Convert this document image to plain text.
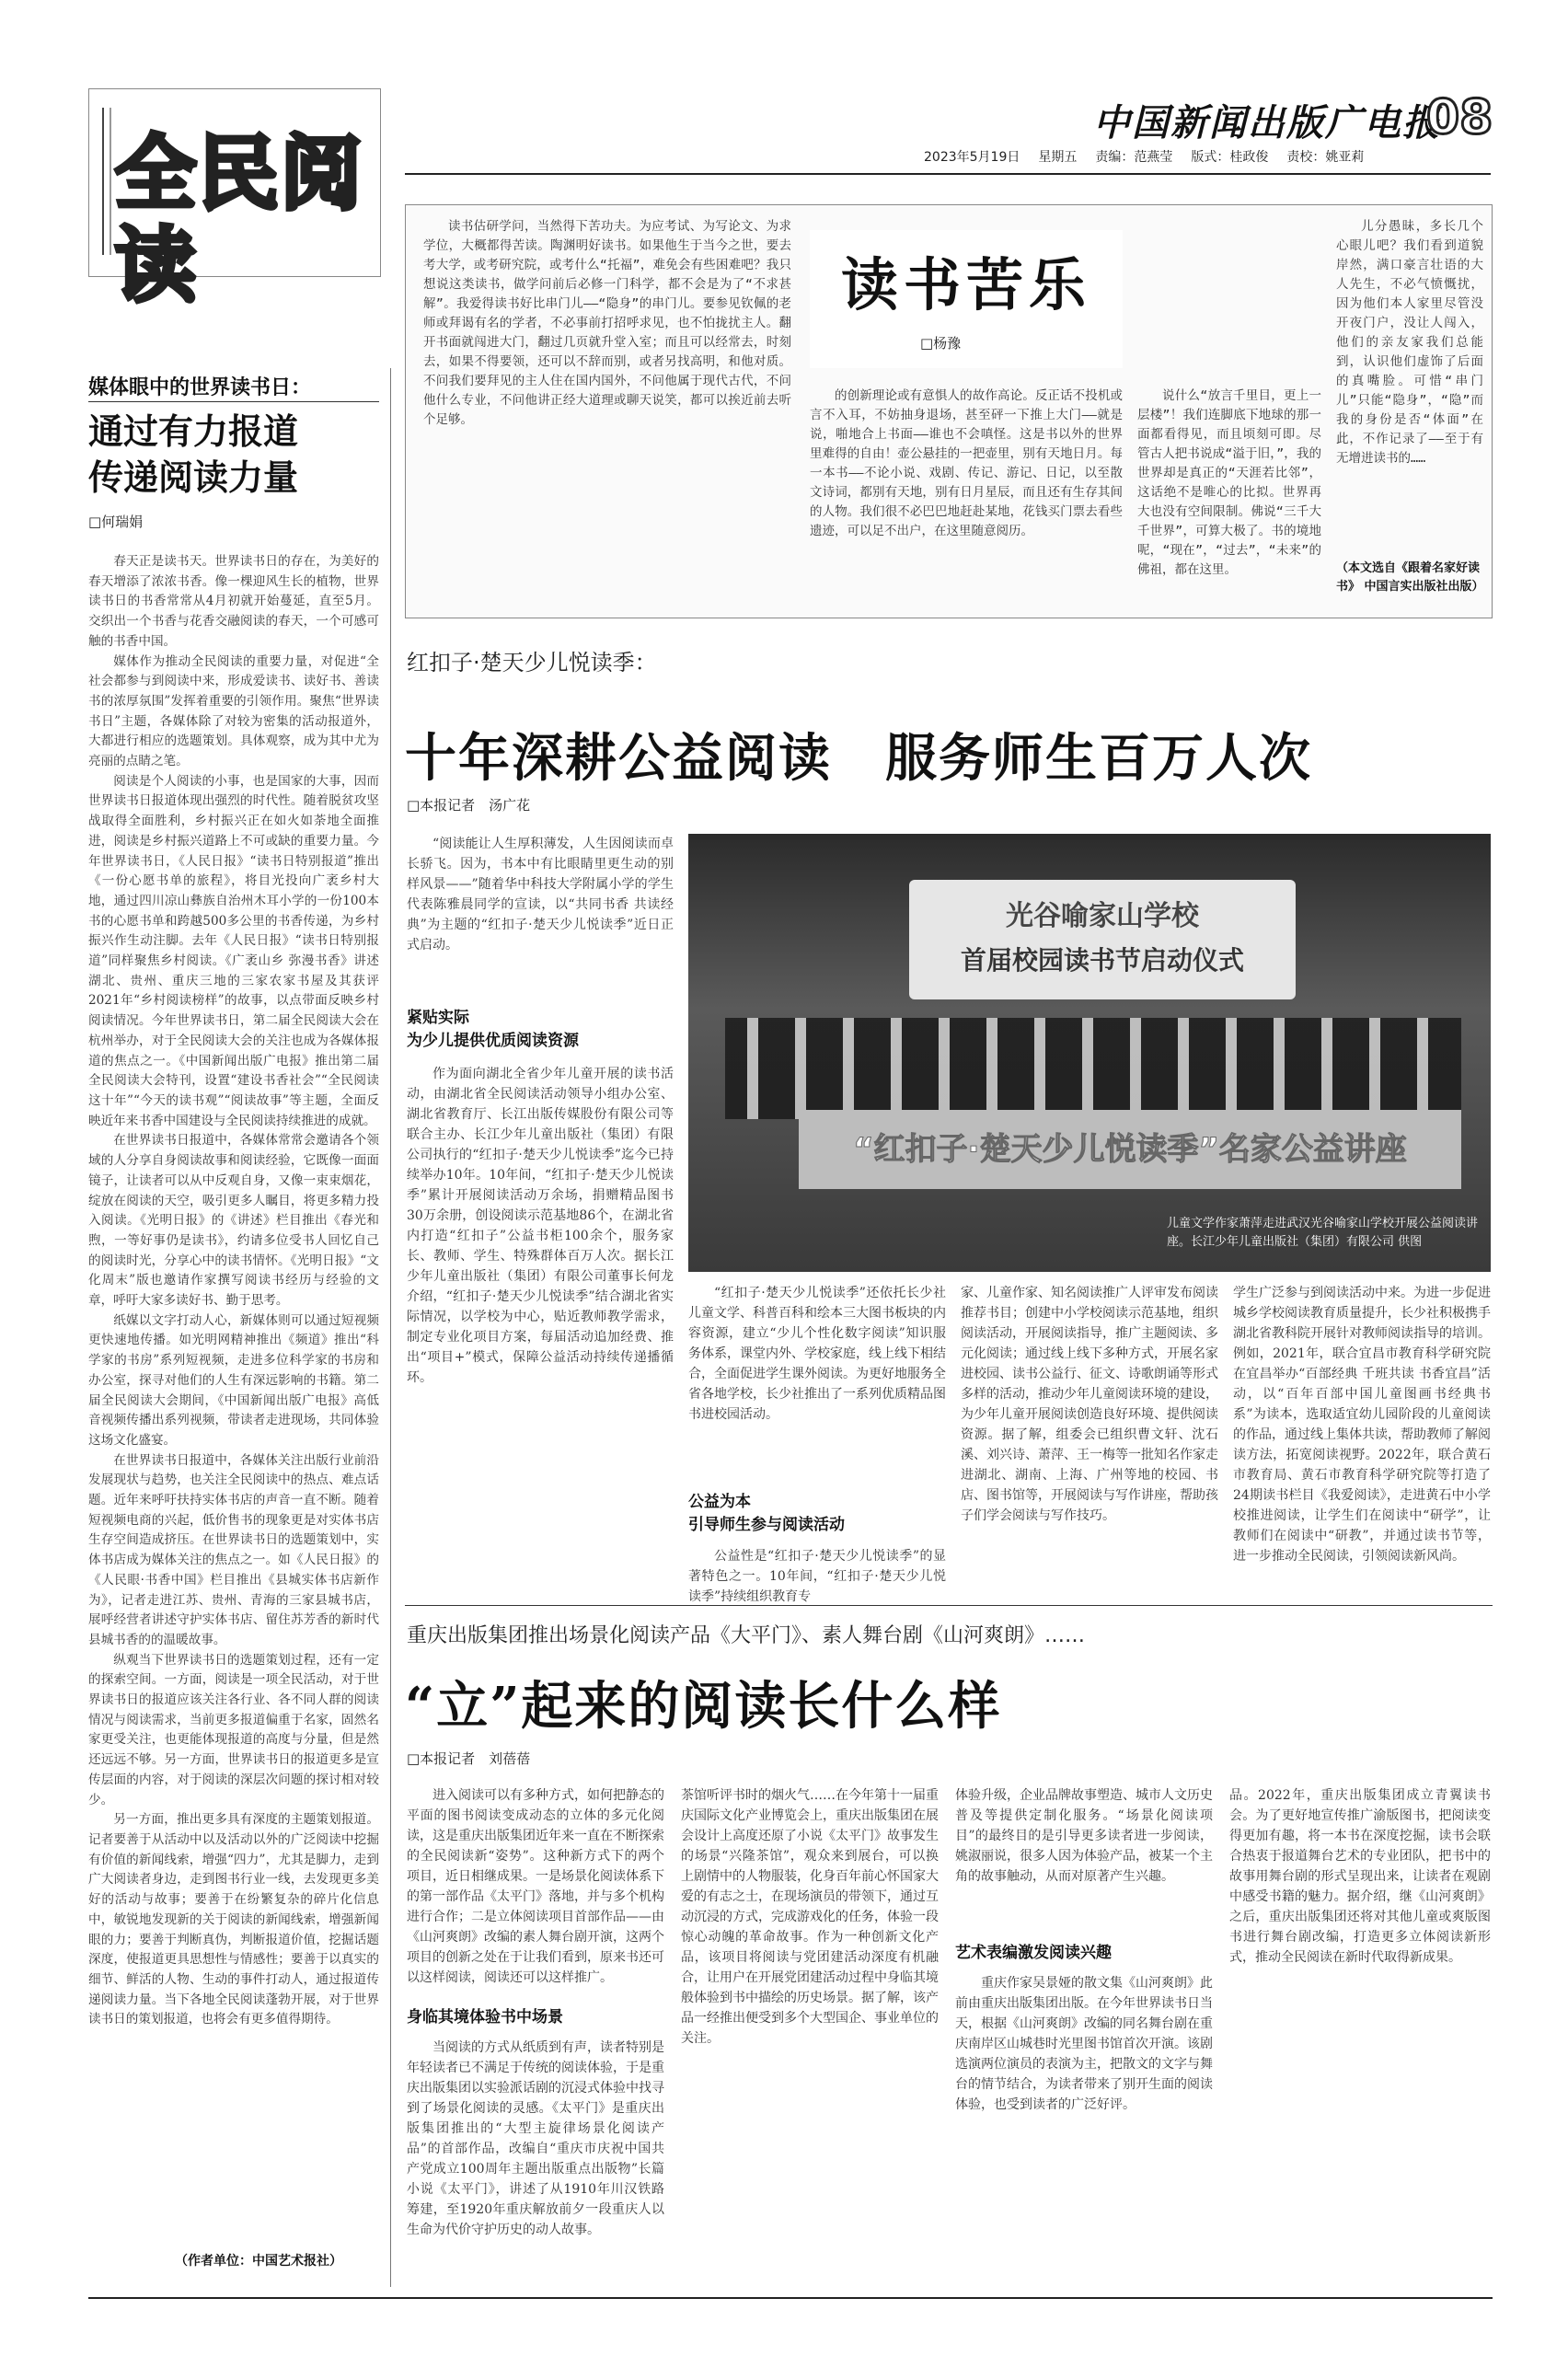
全民阅读
中国新闻出版广电报
08
2023年5月19日 星期五 责编：范燕莹 版式：桂政俊 责校：姚亚莉
媒体眼中的世界读书日：
通过有力报道
传递阅读力量
□何瑞娟

春天正是读书天。世界读书日的存在，为美好的春天增添了浓浓书香。像一棵迎风生长的植物，世界读书日的书香常常从4月初就开始蔓延，直至5月。交织出一个书香与花香交融阅读的春天，一个可感可触的书香中国。

媒体作为推动全民阅读的重要力量，对促进“全社会都参与到阅读中来，形成爱读书、读好书、善读书的浓厚氛围”发挥着重要的引领作用。聚焦“世界读书日”主题，各媒体除了对较为密集的活动报道外，大都进行相应的选题策划。具体观察，成为其中尤为亮丽的点睛之笔。

阅读是个人阅读的小事，也是国家的大事，因而世界读书日报道体现出强烈的时代性。随着脱贫攻坚战取得全面胜利，乡村振兴正在如火如荼地全面推进，阅读是乡村振兴道路上不可或缺的重要力量。今年世界读书日，《人民日报》“读书日特别报道”推出《一份心愿书单的旅程》，将目光投向广袤乡村大地，通过四川凉山彝族自治州木耳小学的一份100本书的心愿书单和跨越500多公里的书香传递，为乡村振兴作生动注脚。去年《人民日报》“读书日特别报道”同样聚焦乡村阅读。《广袤山乡 弥漫书香》讲述湖北、贵州、重庆三地的三家农家书屋及其获评2021年“乡村阅读榜样”的故事，以点带面反映乡村阅读情况。今年世界读书日，第二届全民阅读大会在杭州举办，对于全民阅读大会的关注也成为各媒体报道的焦点之一。《中国新闻出版广电报》推出第二届全民阅读大会特刊，设置“建设书香社会”“全民阅读这十年”“今天的读书观”“阅读故事”等主题，全面反映近年来书香中国建设与全民阅读持续推进的成就。

在世界读书日报道中，各媒体常常会邀请各个领域的人分享自身阅读故事和阅读经验，它既像一面面镜子，让读者可以从中反观自身，又像一束束烟花，绽放在阅读的天空，吸引更多人瞩目，将更多精力投入阅读。《光明日报》的《讲述》栏目推出《春光和煦，一等好事仍是读书》，约请多位受书人回忆自己的阅读时光，分享心中的读书情怀。《光明日报》“文化周末”版也邀请作家撰写阅读书经历与经验的文章，呼吁大家多读好书、勤于思考。

纸媒以文字打动人心，新媒体则可以通过短视频更快速地传播。如光明网精神推出《频道》推出“科学家的书房”系列短视频，走进多位科学家的书房和办公室，探寻对他们的人生有深远影响的书籍。第二届全民阅读大会期间，《中国新闻出版广电报》高低音视频传播出系列视频，带读者走进现场，共同体验这场文化盛宴。

在世界读书日报道中，各媒体关注出版行业前沿发展现状与趋势，也关注全民阅读中的热点、难点话题。近年来呼吁扶持实体书店的声音一直不断。随着短视频电商的兴起，低价售书的现象更是对实体书店生存空间造成挤压。在世界读书日的选题策划中，实体书店成为媒体关注的焦点之一。如《人民日报》的《人民眼·书香中国》栏目推出《县城实体书店新作为》，记者走进江苏、贵州、青海的三家县城书店，展呼经营者讲述守护实体书店、留住苏芳香的新时代县城书香的的温暖故事。

纵观当下世界读书日的选题策划过程，还有一定的探索空间。一方面，阅读是一项全民活动，对于世界读书日的报道应该关注各行业、各不同人群的阅读情况与阅读需求，当前更多报道偏重于名家，固然名家更受关注，也更能体现报道的高度与分量，但是然还远远不够。另一方面，世界读书日的报道更多是宣传层面的内容，对于阅读的深层次问题的探讨相对较少。

另一方面，推出更多具有深度的主题策划报道。记者要善于从活动中以及活动以外的广泛阅读中挖掘有价值的新闻线索，增强“四力”，尤其是脚力，走到广大阅读者身边，走到图书行业一线，去发现更多美好的活动与故事；要善于在纷繁复杂的碎片化信息中，敏锐地发现新的关于阅读的新闻线索，增强新闻眼的力；要善于判断真伪，判断报道价值，挖掘话题深度，使报道更具思想性与情感性；要善于以真实的细节、鲜活的人物、生动的事件打动人，通过报道传递阅读力量。当下各地全民阅读蓬勃开展，对于世界读书日的策划报道，也将会有更多值得期待。

（作者单位：中国艺术报社）
读书苦乐
□杨豫
读书估研学问，当然得下苦功夫。为应考试、为写论文、为求学位，大概都得苦读。陶渊明好读书。如果他生于当今之世，要去考大学，或考研究院，或考什么“托福”，难免会有些困难吧？我只想说这类读书，做学问前后必修一门科学，都不会是为了“不求甚解”。我爱得读书好比串门儿——“隐身”的串门儿。要参见钦佩的老师或拜谒有名的学者，不必事前打招呼求见，也不怕拢扰主人。翻开书面就闯进大门，翻过几页就升堂入室；而且可以经常去，时刻去，如果不得要领，还可以不辞而别，或者另找高明，和他对质。不问我们要拜见的主人住在国内国外，不问他属于现代古代，不问他什么专业，不问他讲正经大道理或聊天说笑，都可以挨近前去听个足够。
的创新理论或有意惧人的故作高论。反正话不投机或言不入耳，不妨抽身退场，甚至砰一下推上大门——就是说，啪地合上书面——谁也不会嗔怪。这是书以外的世界里难得的自由！壶公悬挂的一把壶里，别有天地日月。每一本书——不论小说、戏剧、传记、游记、日记，以至散文诗词，都别有天地，别有日月星辰，而且还有生存其间的人物。我们很不必巴巴地赶赴某地，花钱买门票去看些遗迹，可以足不出户，在这里随意阅历。
说什么“放言千里目，更上一层楼”！我们连脚底下地球的那一面都看得见，而且顷刻可即。尽管古人把书说成“溢于旧，”，我的世界却是真正的“天涯若比邻”，这话绝不是唯心的比拟。世界再大也没有空间限制。佛说“三千大千世界”，可算大极了。书的境地呢，“现在”，“过去”，“未来”的佛祖，都在这里。
儿分愚昧，多长几个心眼儿吧？我们看到道貌岸然，满口豪言壮语的大人先生，不必气愤慨扰，因为他们本人家里尽管没开夜门户，没让人闯入，他们的亲友家我们总能到，认识他们虚饰了后面的真嘴脸。可惜“串门儿”只能“隐身”，“隐”而我的身份是否“体面”在此，不作记录了——至于有无增进读书的……
（本文选自《跟着名家好读书》 中国言实出版社出版）
红扣子·楚天少儿悦读季：
十年深耕公益阅读　服务师生百万人次
□本报记者　汤广花
光谷喻家山学校
首届校园读书节启动仪式
“红扣子·楚天少儿悦读季”名家公益讲座
儿童文学作家萧萍走进武汉光谷喻家山学校开展公益阅读讲座。长江少年儿童出版社（集团）有限公司 供图
“阅读能让人生厚积薄发，人生因阅读而卓长骄飞。因为，书本中有比眼睛里更生动的别样风景——”随着华中科技大学附属小学的学生代表陈雅晨同学的宣读，以“共同书香 共读经典”为主题的“红扣子·楚天少儿悦读季”近日正式启动。
紧贴实际
为少儿提供优质阅读资源
作为面向湖北全省少年儿童开展的读书活动，由湖北省全民阅读活动领导小组办公室、湖北省教育厅、长江出版传媒股份有限公司等联合主办、长江少年儿童出版社（集团）有限公司执行的“红扣子·楚天少儿悦读季”迄今已持续举办10年。10年间，“红扣子·楚天少儿悦读季”累计开展阅读活动万余场，捐赠精品图书30万余册，创设阅读示范基地86个，在湖北省内打造“红扣子”公益书柜100余个，服务家长、教师、学生、特殊群体百万人次。据长江少年儿童出版社（集团）有限公司董事长何龙介绍，“红扣子·楚天少儿悦读季”结合湖北省实际情况，以学校为中心，贴近教师教学需求，制定专业化项目方案，每届活动追加经费、推出“项目+”模式，保障公益活动持续传递播循环。
“红扣子·楚天少儿悦读季”还依托长少社儿童文学、科普百科和绘本三大图书板块的内容资源，建立“少儿个性化数字阅读”知识服务体系，课堂内外、学校家庭，线上线下相结合，全面促进学生课外阅读。为更好地服务全省各地学校，长少社推出了一系列优质精品图书进校园活动。
公益为本
引导师生参与阅读活动
公益性是“红扣子·楚天少儿悦读季”的显著特色之一。10年间，“红扣子·楚天少儿悦读季”持续组织教育专
家、儿童作家、知名阅读推广人评审发布阅读推荐书目；创建中小学校阅读示范基地，组织阅读活动，开展阅读指导，推广主题阅读、多元化阅读；通过线上线下多种方式，开展名家进校园、读书公益行、征文、诗歌朗诵等形式多样的活动，推动少年儿童阅读环境的建设，为少年儿童开展阅读创造良好环境、提供阅读资源。据了解，组委会已组织曹文轩、沈石溪、刘兴诗、萧萍、王一梅等一批知名作家走进湖北、湖南、上海、广州等地的校园、书店、图书馆等，开展阅读与写作讲座，帮助孩子们学会阅读与写作技巧。
学生广泛参与到阅读活动中来。为进一步促进城乡学校阅读教育质量提升，长少社积极携手湖北省教科院开展针对教师阅读指导的培训。例如，2021年，联合宜昌市教育科学研究院在宜昌举办“百部经典 千班共读 书香宜昌”活动，以“百年百部中国儿童图画书经典书系”为读本，选取适宜幼儿园阶段的儿童阅读的作品，通过线上集体共读，帮助教师了解阅读方法，拓宽阅读视野。2022年，联合黄石市教育局、黄石市教育科学研究院等打造了24期读书栏目《我爱阅读》，走进黄石中小学校推进阅读，让学生们在阅读中“研学”，让教师们在阅读中“研教”，并通过读书节等，进一步推动全民阅读，引领阅读新风尚。
重庆出版集团推出场景化阅读产品《大平门》、素人舞台剧《山河爽朗》……
“立”起来的阅读长什么样
□本报记者　刘蓓蓓
进入阅读可以有多种方式，如何把静态的平面的图书阅读变成动态的立体的多元化阅读，这是重庆出版集团近年来一直在不断探索的全民阅读新“姿势”。这种新方式下的两个项目，近日相继成果。一是场景化阅读体系下的第一部作品《太平门》落地，并与多个机构进行合作；二是立体阅读项目首部作品——由《山河爽朗》改编的素人舞台剧开演，这两个项目的创新之处在于让我们看到，原来书还可以这样阅读，阅读还可以这样推广。
身临其境体验书中场景
当阅读的方式从纸质到有声，读者特别是年轻读者已不满足于传统的阅读体验，于是重庆出版集团以实验派话剧的沉浸式体验中找寻到了场景化阅读的灵感。《太平门》是重庆出版集团推出的“大型主旋律场景化阅读产品”的首部作品，改编自“重庆市庆祝中国共产党成立100周年主题出版重点出版物”长篇小说《太平门》，讲述了从1910年川汉铁路筹建，至1920年重庆解放前夕一段重庆人以生命为代价守护历史的动人故事。
茶馆听评书时的烟火气……在今年第十一届重庆国际文化产业博览会上，重庆出版集团在展会设计上高度还原了小说《太平门》故事发生的场景“兴隆茶馆”，观众来到展台，可以换上剧情中的人物服装，化身百年前心怀国家大爱的有志之士，在现场演员的带领下，通过互动沉浸的方式，完成游戏化的任务，体验一段惊心动魄的革命故事。作为一种创新文化产品，该项目将阅读与党团建活动深度有机融合，让用户在开展党团建活动过程中身临其境般体验到书中描绘的历史场景。据了解，该产品一经推出便受到多个大型国企、事业单位的关注。
体验升级，企业品牌故事塑造、城市人文历史普及等提供定制化服务。“场景化阅读项目”的最终目的是引导更多读者进一步阅读，姚淑丽说，很多人因为体验产品，被某一个主角的故事触动，从而对原著产生兴趣。
艺术表编激发阅读兴趣
重庆作家吴景娅的散文集《山河爽朗》此前由重庆出版集团出版。在今年世界读书日当天，根据《山河爽朗》改编的同名舞台剧在重庆南岸区山城巷时光里图书馆首次开演。该剧选演两位演员的表演为主，把散文的文字与舞台的情节结合，为读者带来了别开生面的阅读体验，也受到读者的广泛好评。
品。2022年，重庆出版集团成立青翼读书会。为了更好地宣传推广渝版图书，把阅读变得更加有趣，将一本书在深度挖掘，读书会联合热衷于报道舞台艺术的专业团队，把书中的故事用舞台剧的形式呈现出来，让读者在观剧中感受书籍的魅力。据介绍，继《山河爽朗》之后，重庆出版集团还将对其他儿童或爽版图书进行舞台剧改编，打造更多立体阅读新形式，推动全民阅读在新时代取得新成果。
